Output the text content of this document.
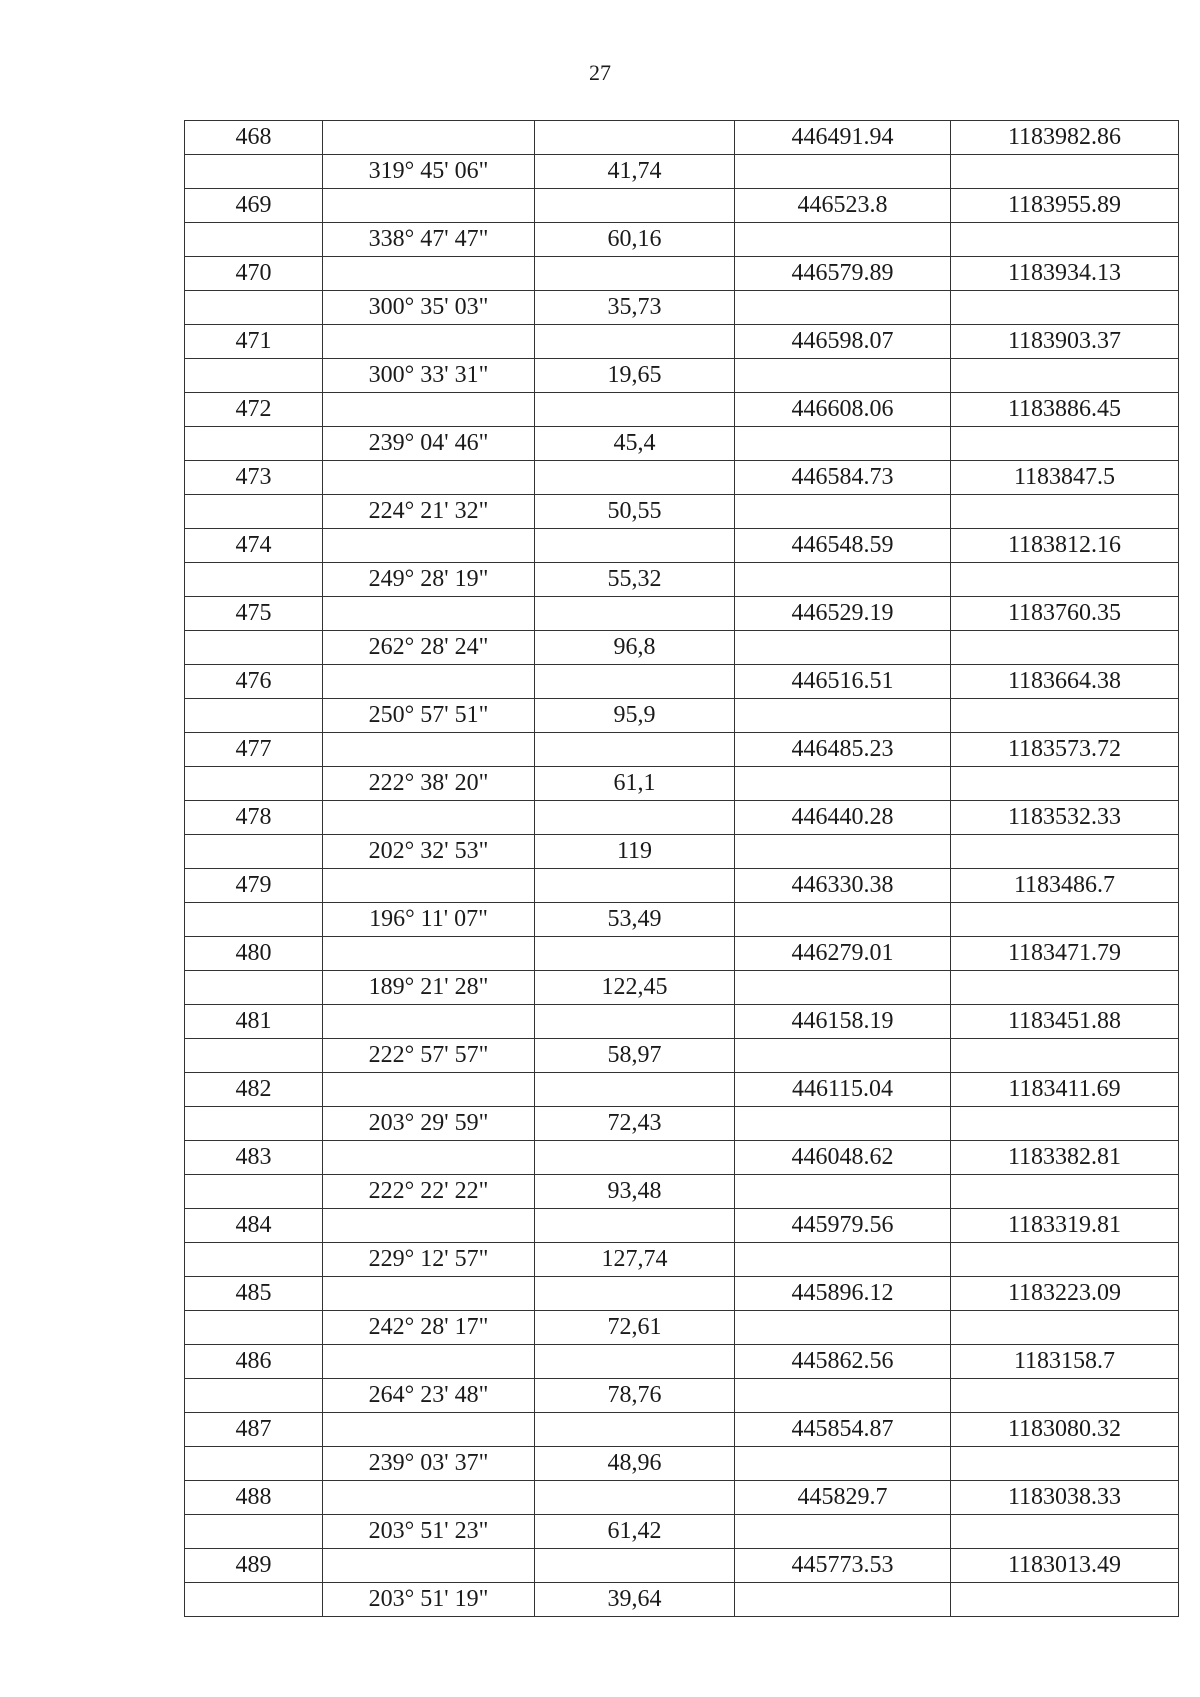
27
468			446491.94	1183982.86
	319° 45' 06"	41,74		
469			446523.8	1183955.89
	338° 47' 47"	60,16		
470			446579.89	1183934.13
	300° 35' 03"	35,73		
471			446598.07	1183903.37
	300° 33' 31"	19,65		
472			446608.06	1183886.45
	239° 04' 46"	45,4		
473			446584.73	1183847.5
	224° 21' 32"	50,55		
474			446548.59	1183812.16
	249° 28' 19"	55,32		
475			446529.19	1183760.35
	262° 28' 24"	96,8		
476			446516.51	1183664.38
	250° 57' 51"	95,9		
477			446485.23	1183573.72
	222° 38' 20"	61,1		
478			446440.28	1183532.33
	202° 32' 53"	119		
479			446330.38	1183486.7
	196° 11' 07"	53,49		
480			446279.01	1183471.79
	189° 21' 28"	122,45		
481			446158.19	1183451.88
	222° 57' 57"	58,97		
482			446115.04	1183411.69
	203° 29' 59"	72,43		
483			446048.62	1183382.81
	222° 22' 22"	93,48		
484			445979.56	1183319.81
	229° 12' 57"	127,74		
485			445896.12	1183223.09
	242° 28' 17"	72,61		
486			445862.56	1183158.7
	264° 23' 48"	78,76		
487			445854.87	1183080.32
	239° 03' 37"	48,96		
488			445829.7	1183038.33
	203° 51' 23"	61,42		
489			445773.53	1183013.49
	203° 51' 19"	39,64		
